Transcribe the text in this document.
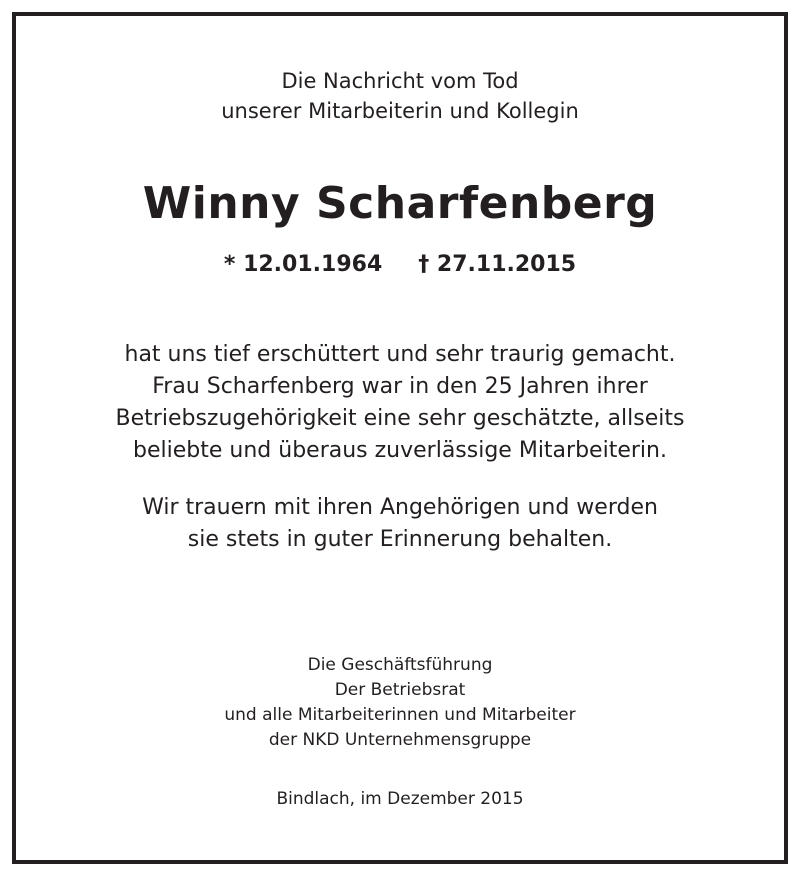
Die Nachricht vom Tod
unserer Mitarbeiterin und Kollegin
Winny Scharfenberg
* 12.01.1964 † 27.11.2015
hat uns tief erschüttert und sehr traurig gemacht.
Frau Scharfenberg war in den 25 Jahren ihrer
Betriebszugehörigkeit eine sehr geschätzte, allseits
beliebte und überaus zuverlässige Mitarbeiterin.
Wir trauern mit ihren Angehörigen und werden
sie stets in guter Erinnerung behalten.
Die Geschäftsführung
Der Betriebsrat
und alle Mitarbeiterinnen und Mitarbeiter
der NKD Unternehmensgruppe
Bindlach, im Dezember 2015
